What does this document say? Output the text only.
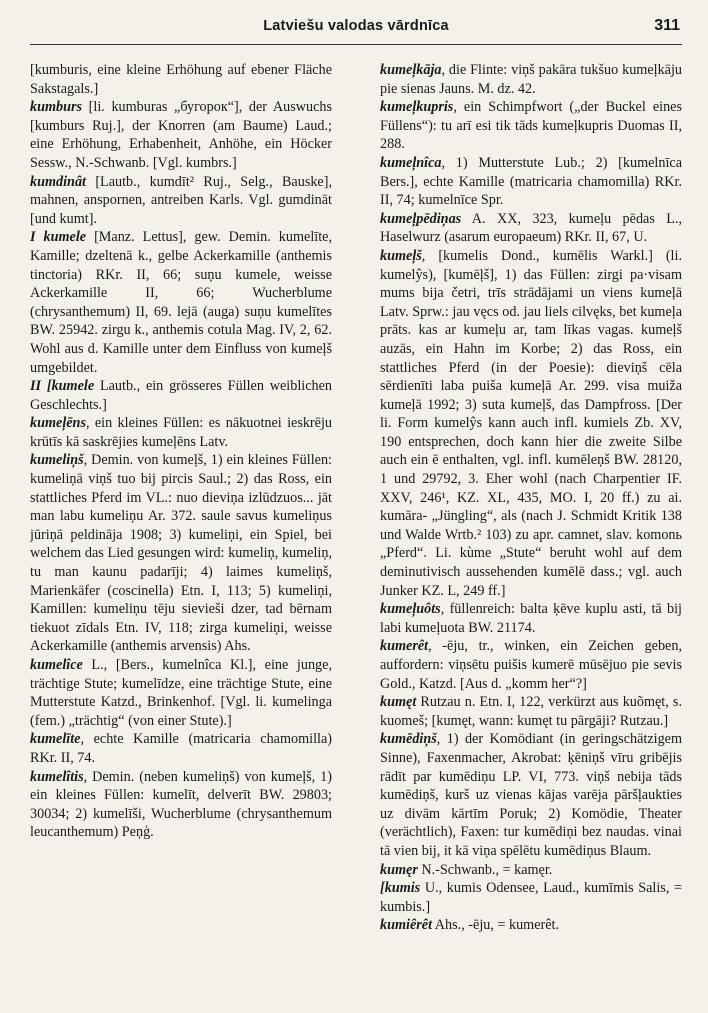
Latviešu valodas vārdnīca	311

[kumburis, eine kleine Erhöhung auf ebener Fläche Sakstagals.]

kumburs [li. kumburas „бугорок“], der Auswuchs [kumburs Ruj.], der Knorren (am Baume) Laud.; eine Erhöhung, Erhabenheit, Anhöhe, ein Höcker Sessw., N.-Schwanb. [Vgl. kumbrs.]

kumdinât [Lautb., kumdīt² Ruj., Selg., Bauske], mahnen, anspornen, antreiben Karls. Vgl. gumdināt [und kumt].

I kumele [Manz. Lettus], gew. Demin. kumelīte, Kamille; dzeltenā k., gelbe Ackerkamille (anthemis tinctoria) RKr. II, 66; suņu kumele, weisse Ackerkamille II, 66; Wucherblume (chrysanthemum) II, 69. lejā (auga) suņu kumelītes BW. 25942. zirgu k., anthemis cotula Mag. IV, 2, 62. Wohl aus d. Kamille unter dem Einfluss von kumeļš umgebildet.

II [kumele Lautb., ein grösseres Füllen weiblichen Geschlechts.]

kumeļēns, ein kleines Füllen: es nākuotnei ieskrēju krūtīs kā saskrējies kumeļēns Latv.

kumeliņš, Demin. von kumeļš, 1) ein kleines Füllen: kumeliņā viņš tuo bij pircis Saul.; 2) das Ross, ein stattliches Pferd im VL.: nuo dieviņa izlūdzuos... jāt man labu kumeliņu Ar. 372. saule savus kumeliņus jūriņā peldināja 1908; 3) kumeliņi, ein Spiel, bei welchem das Lied gesungen wird: kumeliņ, kumeliņ, tu man kaunu padarīji; 4) laimes kumeliņš, Marienkäfer (coscinella) Etn. I, 113; 5) kumeliņi, Kamillen: kumeliņu tēju sievieši dzer, tad bērnam tiekuot zīdals Etn. IV, 118; zirga kumeliņi, weisse Ackerkamille (anthemis arvensis) Ahs.

kumelîce L., [Bers., kumelnîca Kl.], eine junge, trächtige Stute; kumelīdze, eine trächtige Stute, eine Mutterstute Katzd., Brinkenhof. [Vgl. li. kumelinga (fem.) „trächtig“ (von einer Stute).]

kumelīte, echte Kamille (matricaria chamomilla) RKr. II, 74.

kumelîtis, Demin. (neben kumeliņš) von kumeļš, 1) ein kleines Füllen: kumelīt, delverīt BW. 29803; 30034; 2) kumelīši, Wucherblume (chrysanthemum leucanthemum) Peņģ.

kumeļkāja, die Flinte: viņš pakāra tukšuo kumeļkāju pie sienas Jauns. M. dz. 42.

kumeļkupris, ein Schimpfwort („der Buckel eines Füllens“): tu arī esi tik tāds kumeļkupris Duomas II, 288.

kumeļnîca, 1) Mutterstute Lub.; 2) [kumelnīca Bers.], echte Kamille (matricaria chamomilla) RKr. II, 74; kumelnīce Spr.

kumeļpēdiņas A. XX, 323, kumeļu pēdas L., Haselwurz (asarum europaeum) RKr. II, 67, U.

kumeļš, [kumelis Dond., kumēlis Warkl.] (li. kumelŷs), [kumēļš], 1) das Füllen: zirgi pa·visam mums bija četri, trīs strādājami un viens kumeļā Latv. Sprw.: jau vęcs od. jau liels cilvęks, bet kumeļa prāts. kas ar kumeļu ar, tam līkas vagas. kumeļš auzās, ein Hahn im Korbe; 2) das Ross, ein stattliches Pferd (in der Poesie): dieviņš cēla sērdienīti laba puiša kumeļā Ar. 299. visa muiža kumeļā 1992; 3) suta kumeļš, das Dampfross. [Der li. Form kumelŷs kann auch infl. kumiels Zb. XV, 190 entsprechen, doch kann hier die zweite Silbe auch ein ē enthalten, vgl. infl. kumēleņš BW. 28120, 1 und 29792, 3. Eher wohl (nach Charpentier IF. XXV, 246¹, KZ. XL, 435, MO. I, 20 ff.) zu ai. kumāra- „Jüngling“, als (nach J. Schmidt Kritik 138 und Walde Wrtb.² 103) zu apr. camnet, slav. komonь „Pferd“. Li. kùme „Stute“ beruht wohl auf dem deminutivisch aussehenden kumēlē dass.; vgl. auch Junker KZ. L, 249 ff.]

kumeļuôts, füllenreich: balta ķēve kuplu asti, tā bij labi kumeļuota BW. 21174.

kumerêt, -ēju, tr., winken, ein Zeichen geben, auffordern: viņsētu puišis kumerē mūsējuo pie sevis Gold., Katzd. [Aus d. „komm her“?]

kumęt Rutzau n. Etn. I, 122, verkürzt aus kuõmęt, s. kuomeš; [kumęt, wann: kumęt tu pārgāji? Rutzau.]

kumēdiņš, 1) der Komödiant (in geringschätzigem Sinne), Faxenmacher, Akrobat: ķēniņš vīru gribējis rādīt par kumēdiņu LP. VI, 773. viņš nebija tāds kumēdiņš, kurš uz vienas kājas varēja pāršļaukties uz divām kārtīm Poruk; 2) Komödie, Theater (verächtlich), Faxen: tur kumēdiņi bez naudas. vinai tā vien bij, it kā viņa spēlētu kumēdiņus Blaum.

kumęr N.-Schwanb., = kamęr.

[kumis U., kumis Odensee, Laud., kumīmis Salis, = kumbis.]

kumiêrêt Ahs., -ēju, = kumerêt.
